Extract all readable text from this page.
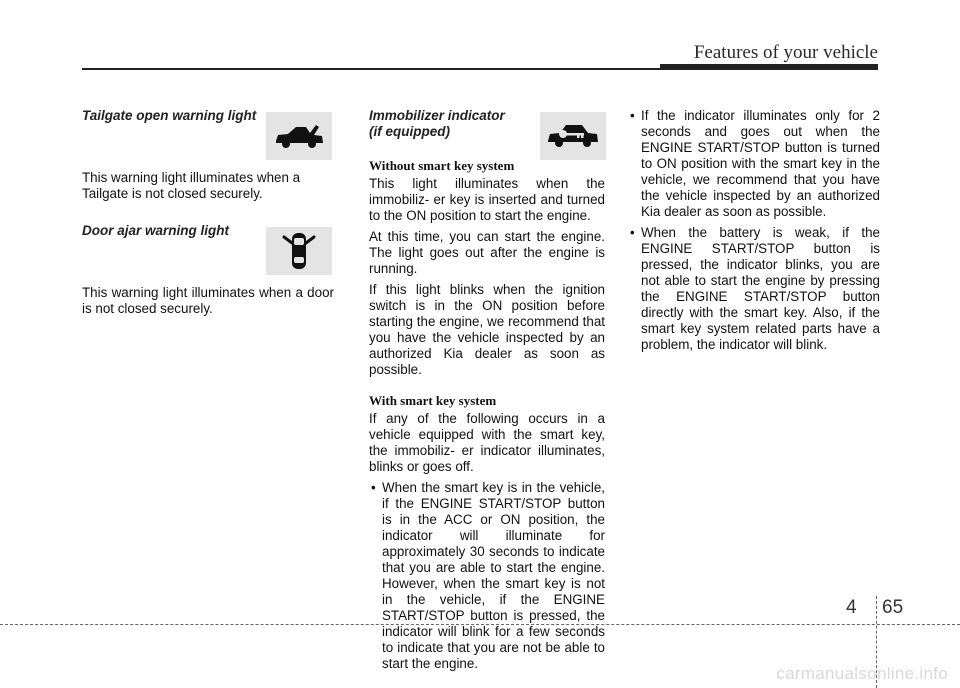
Features of your vehicle
Tailgate open warning light

This warning light illuminates when a Tailgate is not closed securely.

Door ajar warning light

This warning light illuminates when a door is not closed securely.

Immobilizer indicator
(if equipped)
Without smart key system

This light illuminates when the immobiliz- er key is inserted and turned to the ON position to start the engine.

At this time, you can start the engine. The light goes out after the engine is running.

If this light blinks when the ignition switch is in the ON position before starting the engine, we recommend that you have the vehicle inspected by an authorized Kia dealer as soon as possible.

With smart key system

If any of the following occurs in a vehicle equipped with the smart key, the immobiliz- er indicator illuminates, blinks or goes off.

• When the smart key is in the vehicle, if the ENGINE START/STOP button is in the ACC or ON position, the indicator will illuminate for approximately 30 seconds to indicate that you are able to start the engine. However, when the smart key is not in the vehicle, if the ENGINE START/STOP button is pressed, the indicator will blink for a few seconds to indicate that you are not be able to start the engine.
• If the indicator illuminates only for 2 seconds and goes out when the ENGINE START/STOP button is turned to ON position with the smart key in the vehicle, we recommend that you have the vehicle inspected by an authorized Kia dealer as soon as possible.
• When the battery is weak, if the ENGINE START/STOP button is pressed, the indicator blinks, you are not able to start the engine by pressing the ENGINE START/STOP button directly with the smart key. Also, if the smart key system related parts have a problem, the indicator will blink.
4 65
carmanualsonline.info
